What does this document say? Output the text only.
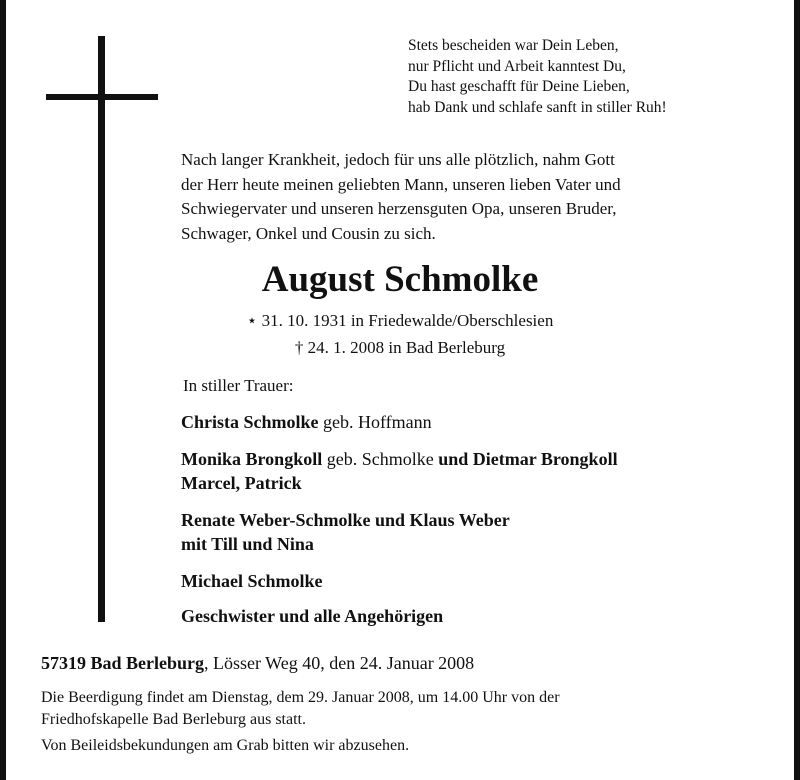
Stets bescheiden war Dein Leben,
nur Pflicht und Arbeit kanntest Du,
Du hast geschafft für Deine Lieben,
hab Dank und schlafe sanft in stiller Ruh!
Nach langer Krankheit, jedoch für uns alle plötzlich, nahm Gott
der Herr heute meinen geliebten Mann, unseren lieben Vater und
Schwiegervater und unseren herzensguten Opa, unseren Bruder,
Schwager, Onkel und Cousin zu sich.
August Schmolke
⋆ 31. 10. 1931 in Friedewalde/Oberschlesien
† 24. 1. 2008 in Bad Berleburg
In stiller Trauer:
Christa Schmolke geb. Hoffmann
Monika Brongkoll geb. Schmolke und Dietmar Brongkoll
Marcel, Patrick
Renate Weber-Schmolke und Klaus Weber
mit Till und Nina
Michael Schmolke
Geschwister und alle Angehörigen
57319 Bad Berleburg, Lösser Weg 40, den 24. Januar 2008
Die Beerdigung findet am Dienstag, dem 29. Januar 2008, um 14.00 Uhr von der
Friedhofskapelle Bad Berleburg aus statt.
Von Beileidsbekundungen am Grab bitten wir abzusehen.
